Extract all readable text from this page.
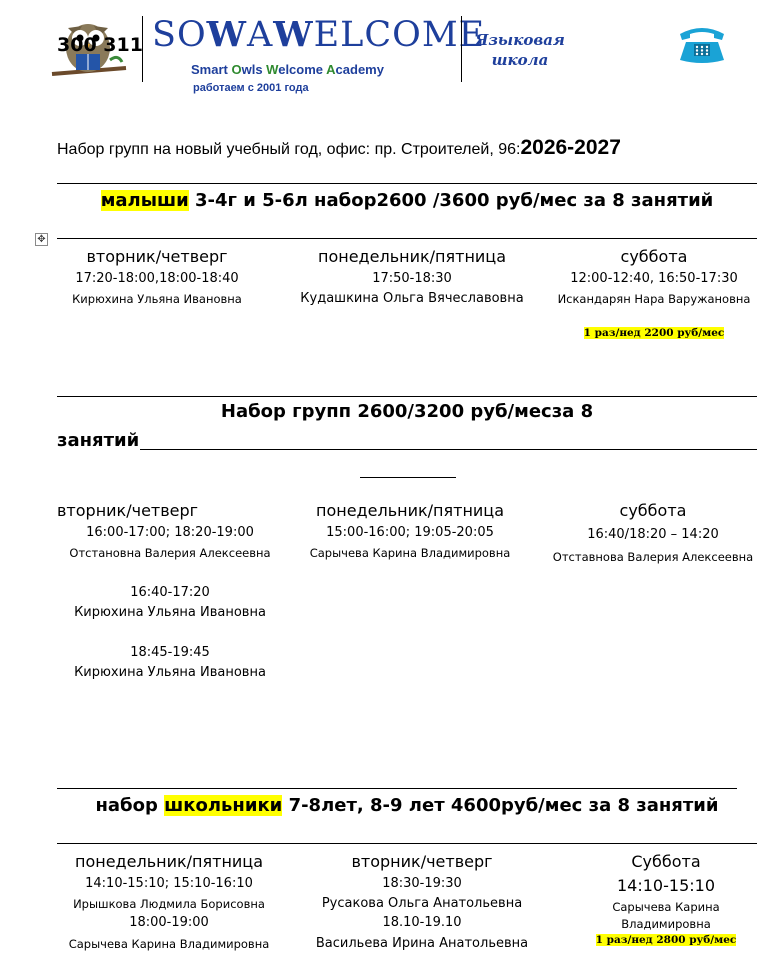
300 311 SOWAWELCOME
Smart Owls Welcome Academy
работаем с 2001 года
Языковая
школа
Набор групп на новый учебный год, офис: пр. Строителей, 96:2026-2027
малыши 3-4г и 5-6л набор2600 /3600 руб/мес за 8 занятий
✥
вторник/четверг
17:20-18:00,18:00-18:40
Кирюхина Ульяна Ивановна
понедельник/пятница
17:50-18:30
Кудашкина Ольга Вячеславовна
суббота
12:00-12:40, 16:50-17:30
Искандарян Нара Варужановна
1 раз/нед 2200 руб/мес
Набор групп 2600/3200 руб/месза 8
занятий
вторник/четверг
16:00-17:00; 18:20-19:00
Отстановна Валерия Алексеевна
16:40-17:20
Кирюхина Ульяна Ивановна
18:45-19:45
Кирюхина Ульяна Ивановна
понедельник/пятница
15:00-16:00; 19:05-20:05
Сарычева Карина Владимировна
суббота
16:40/18:20 – 14:20
Отставнова Валерия Алексеевна
набор школьники 7-8лет, 8-9 лет 4600руб/мес за 8 занятий
понедельник/пятница
14:10-15:10; 15:10-16:10
Ирышкова Людмила Борисовна
18:00-19:00
Сарычева Карина Владимировна
вторник/четверг
18:30-19:30
Русакова Ольга Анатольевна
18.10-19.10
Васильева Ирина Анатольевна
Суббота
14:10-15:10
Сарычева Карина
Владимировна
1 раз/нед 2800 руб/мес
